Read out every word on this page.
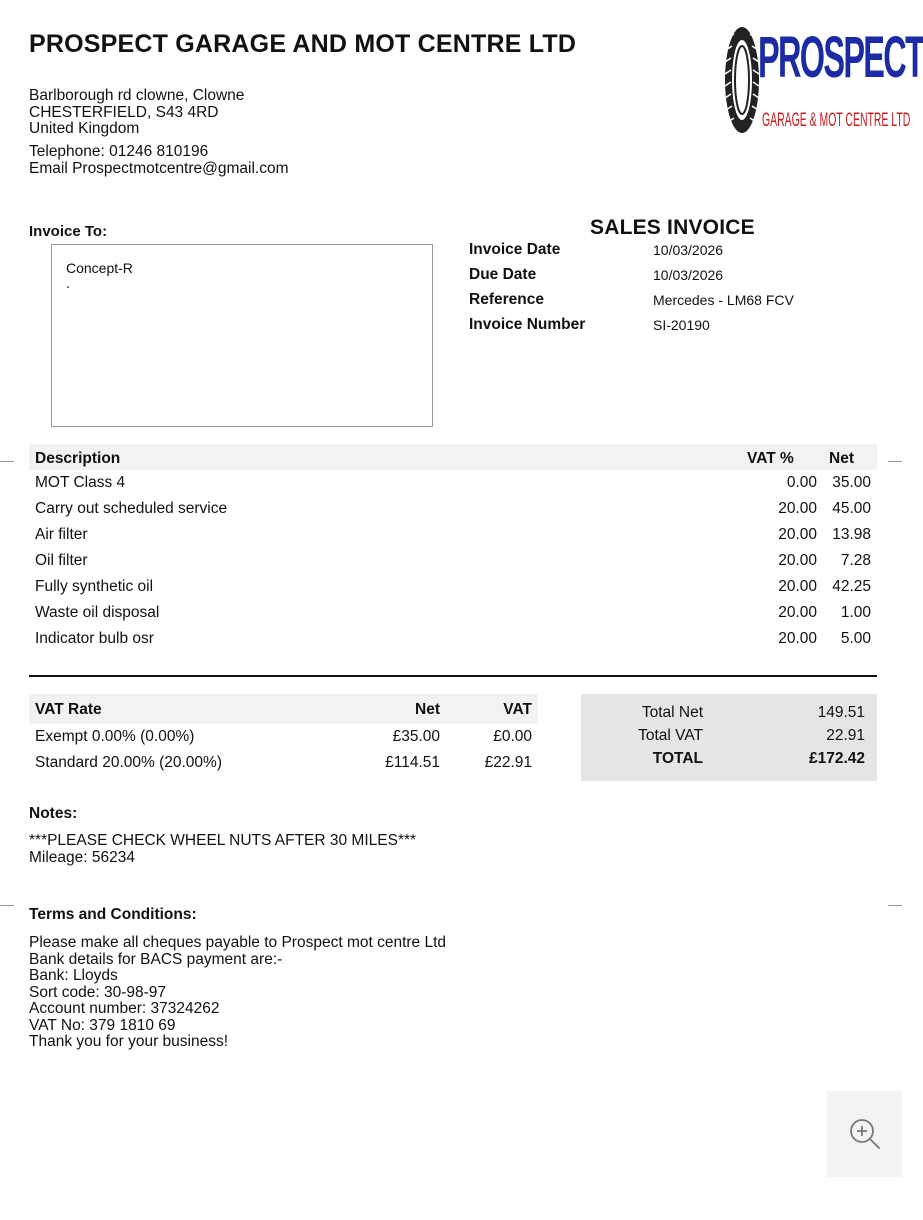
PROSPECT GARAGE AND MOT CENTRE LTD
Barlborough rd clowne, Clowne
CHESTERFIELD, S43 4RD
United Kingdom
Telephone: 01246 810196
Email Prospectmotcentre@gmail.com
PROSPECT
GARAGE & MOT CENTRE LTD
Invoice To:
Concept-R
.
SALES INVOICE
Invoice Date	10/03/2026
Due Date	10/03/2026
Reference	Mercedes - LM68 FCV
Invoice Number	SI-20190
Description	VAT %	Net
MOT Class 4	0.00	35.00
Carry out scheduled service	20.00	45.00
Air filter	20.00	13.98
Oil filter	20.00	7.28
Fully synthetic oil	20.00	42.25
Waste oil disposal	20.00	1.00
Indicator bulb osr	20.00	5.00
VAT Rate	Net	VAT
Exempt 0.00% (0.00%)	£35.00	£0.00
Standard 20.00% (20.00%)	£114.51	£22.91
Total Net	149.51
Total VAT	22.91
TOTAL	£172.42
Notes:
***PLEASE CHECK WHEEL NUTS AFTER 30 MILES***
Mileage: 56234
Terms and Conditions:
Please make all cheques payable to Prospect mot centre Ltd
Bank details for BACS payment are:-
Bank: Lloyds
Sort code: 30-98-97
Account number: 37324262
VAT No: 379 1810 69
Thank you for your business!
